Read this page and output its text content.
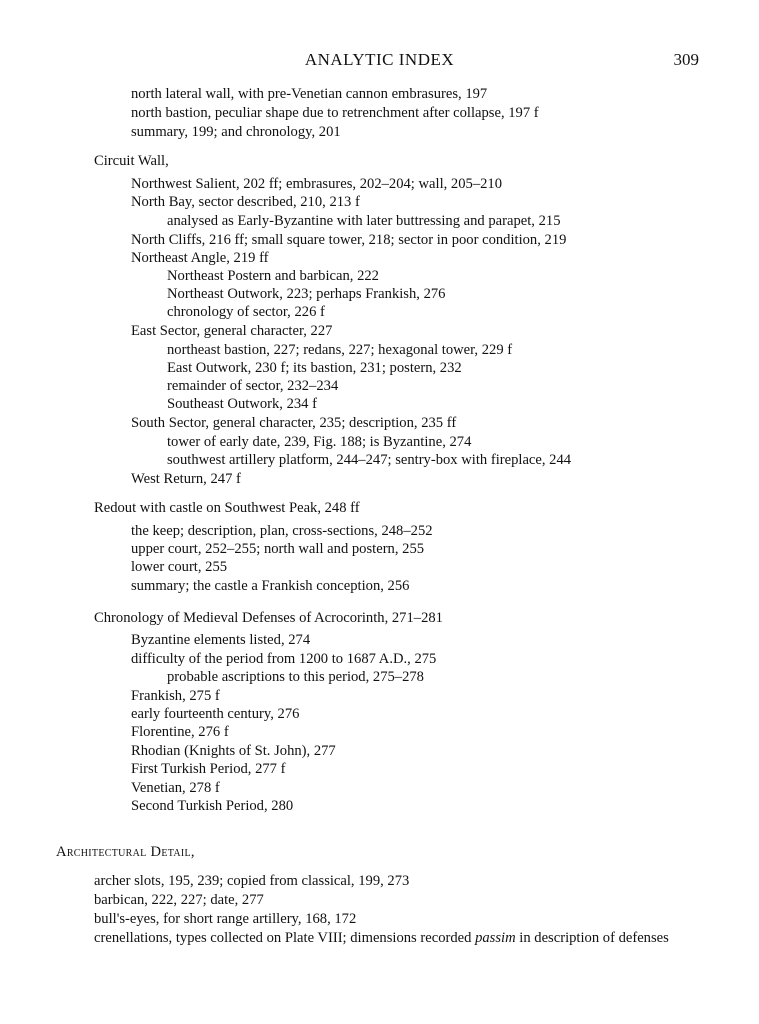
ANALYTIC INDEX	309
north lateral wall, with pre-Venetian cannon embrasures, 197
north bastion, peculiar shape due to retrenchment after collapse, 197 f
summary, 199; and chronology, 201
Circuit Wall,
Northwest Salient, 202 ff; embrasures, 202–204; wall, 205–210
North Bay, sector described, 210, 213 f
analysed as Early-Byzantine with later buttressing and parapet, 215
North Cliffs, 216 ff; small square tower, 218; sector in poor condition, 219
Northeast Angle, 219 ff
Northeast Postern and barbican, 222
Northeast Outwork, 223; perhaps Frankish, 276
chronology of sector, 226 f
East Sector, general character, 227
northeast bastion, 227; redans, 227; hexagonal tower, 229 f
East Outwork, 230 f; its bastion, 231; postern, 232
remainder of sector, 232–234
Southeast Outwork, 234 f
South Sector, general character, 235; description, 235 ff
tower of early date, 239, Fig. 188; is Byzantine, 274
southwest artillery platform, 244–247; sentry-box with fireplace, 244
West Return, 247 f
Redout with castle on Southwest Peak, 248 ff
the keep; description, plan, cross-sections, 248–252
upper court, 252–255; north wall and postern, 255
lower court, 255
summary; the castle a Frankish conception, 256
Chronology of Medieval Defenses of Acrocorinth, 271–281
Byzantine elements listed, 274
difficulty of the period from 1200 to 1687 A.D., 275
probable ascriptions to this period, 275–278
Frankish, 275 f
early fourteenth century, 276
Florentine, 276 f
Rhodian (Knights of St. John), 277
First Turkish Period, 277 f
Venetian, 278 f
Second Turkish Period, 280
Architectural Detail,
archer slots, 195, 239; copied from classical, 199, 273
barbican, 222, 227; date, 277
bull's-eyes, for short range artillery, 168, 172
crenellations, types collected on Plate VIII; dimensions recorded passim in description of defenses
